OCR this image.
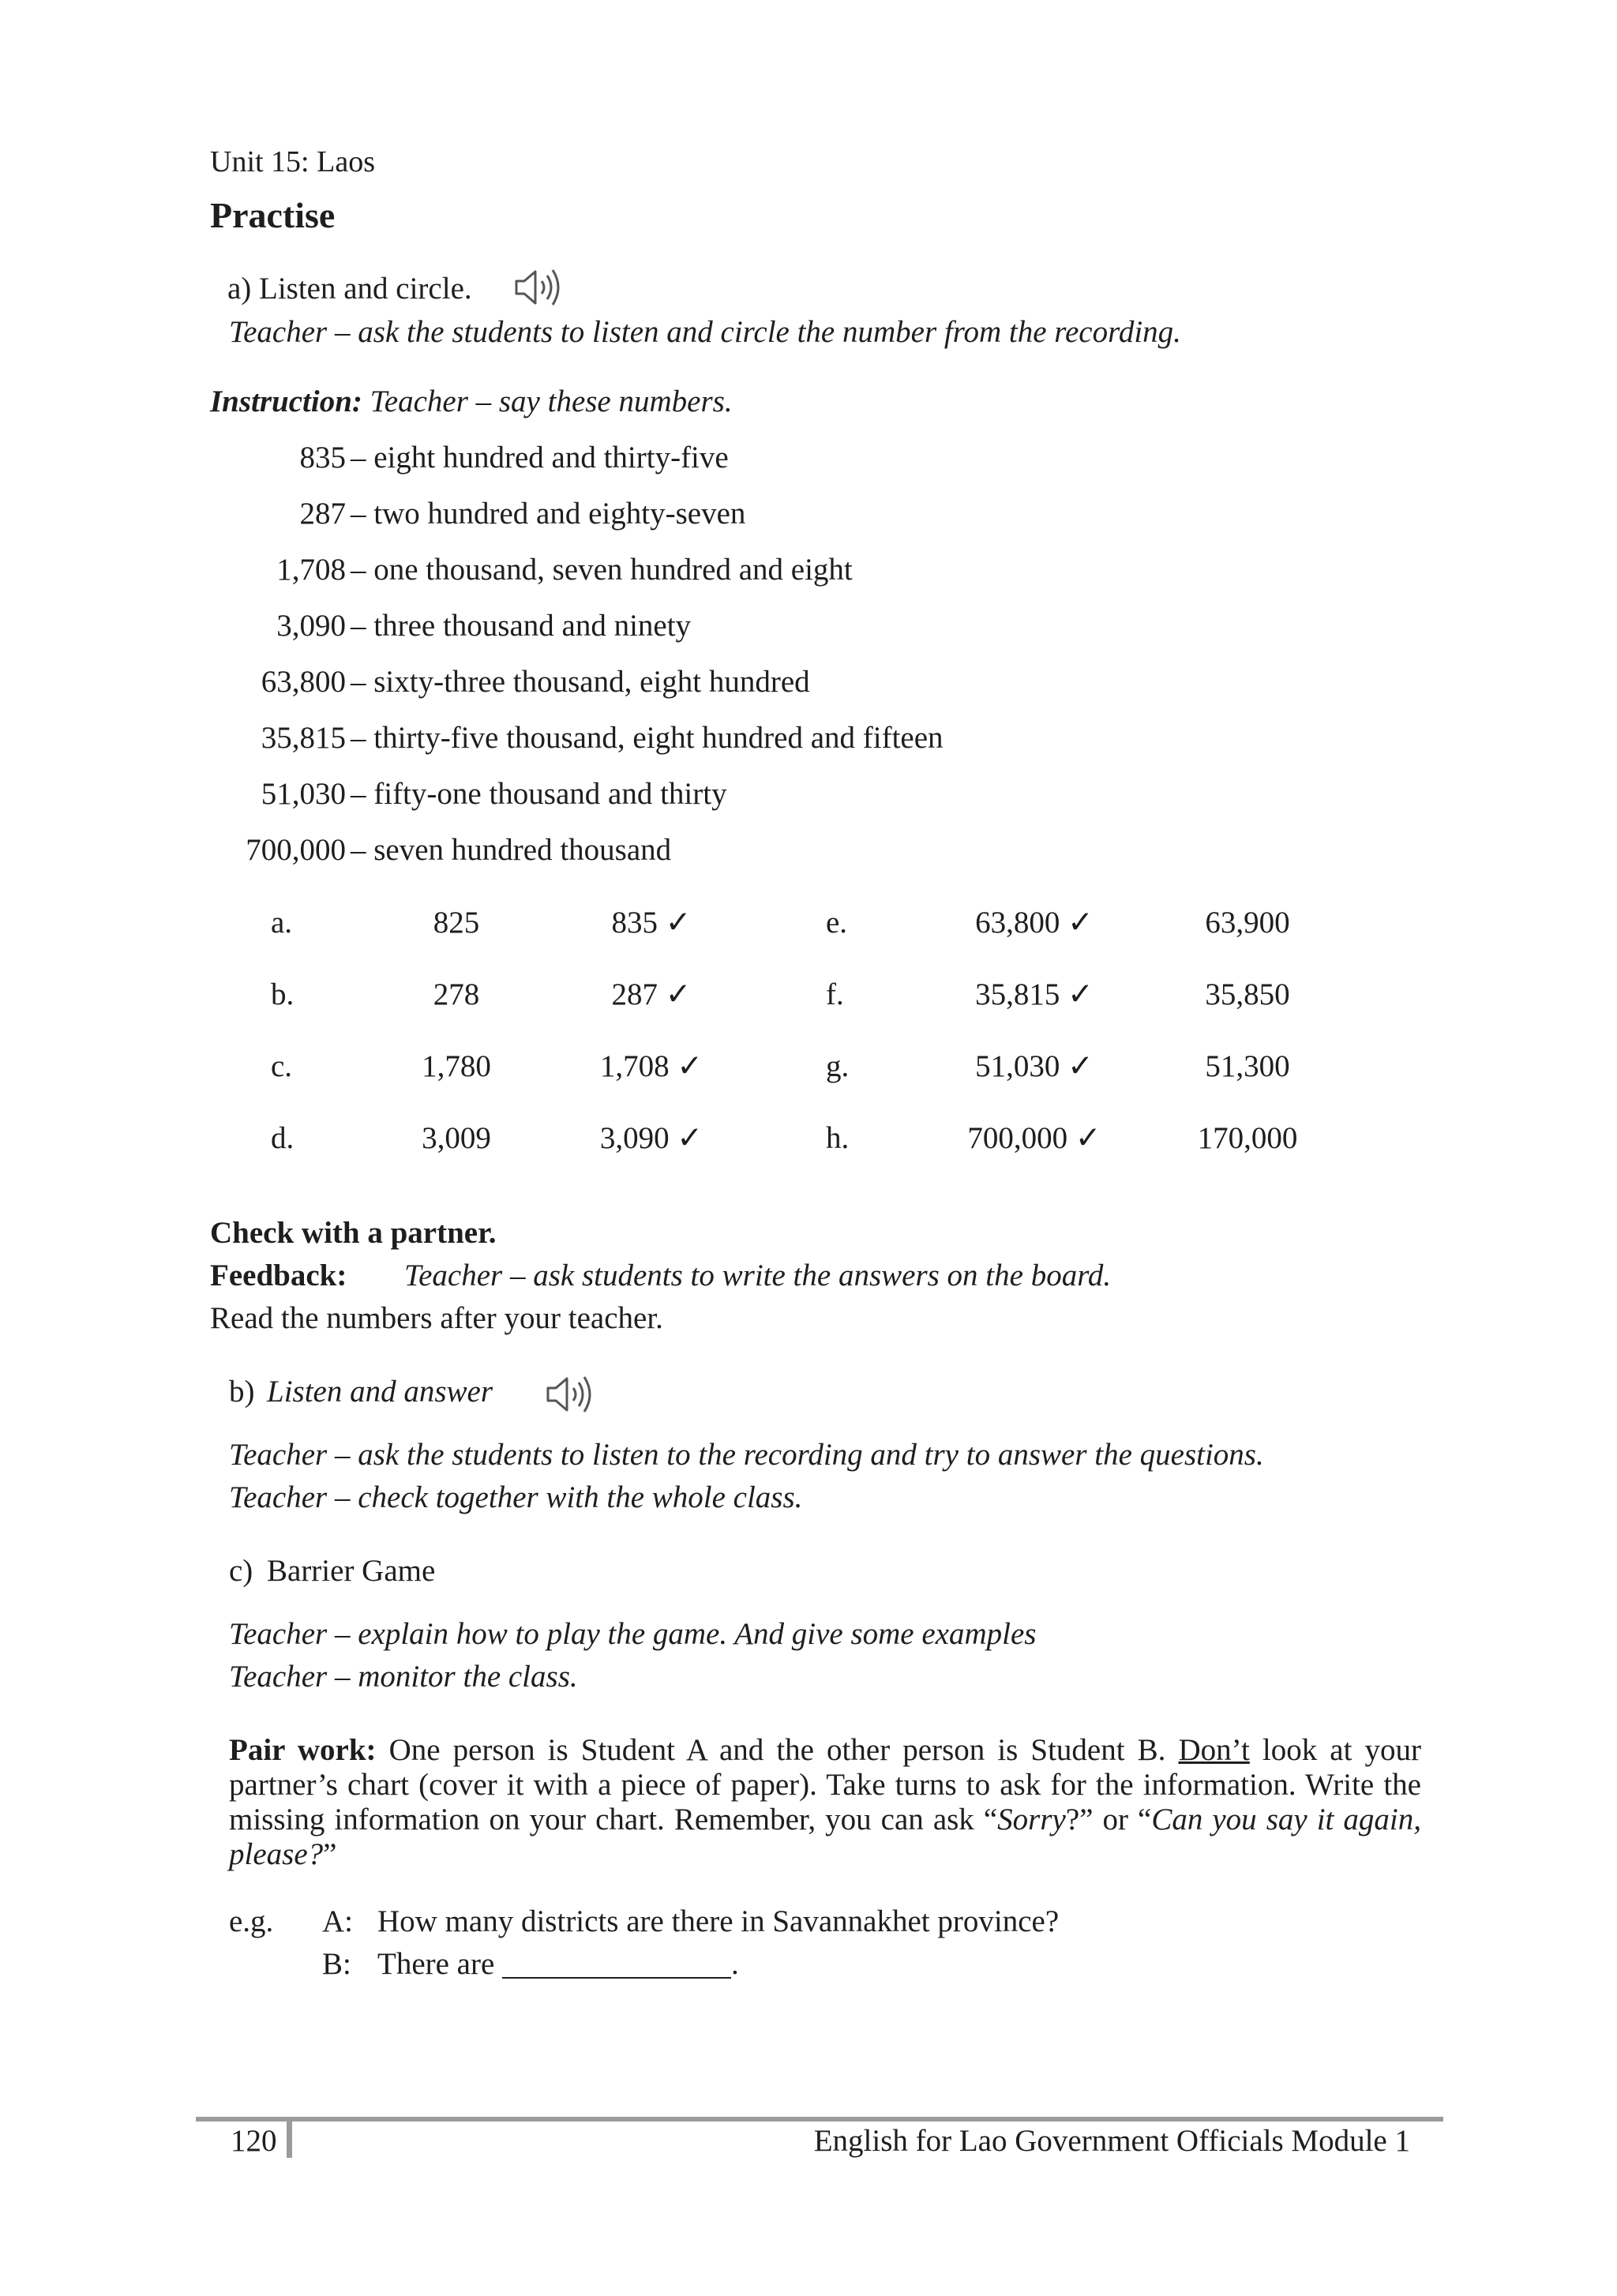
Unit 15: Laos
Practise
a) Listen and circle.
Teacher – ask the students to listen and circle the number from the recording.
Instruction: Teacher – say these numbers.
835 – eight hundred and thirty-five
287 – two hundred and eighty-seven
1,708 – one thousand, seven hundred and eight
3,090 – three thousand and ninety
63,800 – sixty-three thousand, eight hundred
35,815 – thirty-five thousand, eight hundred and fifteen
51,030 – fifty-one thousand and thirty
700,000 – seven hundred thousand
a.	825	835 ✓	e.	63,800 ✓	63,900
b.	278	287 ✓	f.	35,815 ✓	35,850
c.	1,780	1,708 ✓	g.	51,030 ✓	51,300
d.	3,009	3,090 ✓	h.	700,000 ✓	170,000
Check with a partner.
Feedback: Teacher – ask students to write the answers on the board.
Read the numbers after your teacher.
b) Listen and answer
Teacher – ask the students to listen to the recording and try to answer the questions.
Teacher – check together with the whole class.
c) Barrier Game
Teacher – explain how to play the game. And give some examples
Teacher – monitor the class.
Pair work: One person is Student A and the other person is Student B. Don’t look at your partner’s chart (cover it with a piece of paper). Take turns to ask for the information. Write the missing information on your chart. Remember, you can ask “Sorry?” or “Can you say it again, please?”
e.g. A: How many districts are there in Savannakhet province?
B: There are	.
120	English for Lao Government Officials Module 1
